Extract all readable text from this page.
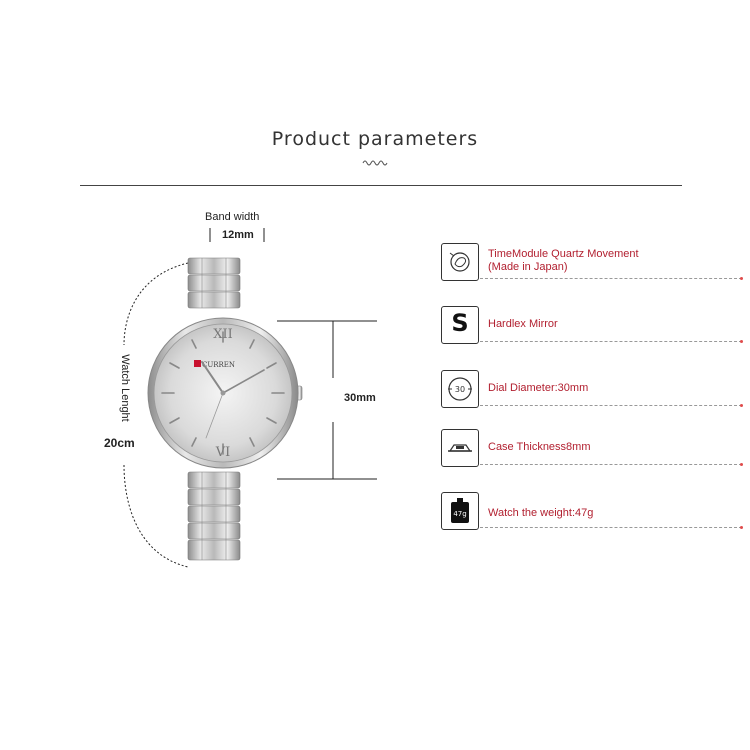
Product parameters
Band width
12mm
Watch Lenght
20cm
XII
VI
CURREN
30mm
TimeModule Quartz Movement
(Made in Japan)
S	Hardlex Mirror
30 Dial Diameter:30mm
Case Thickness8mm
47g Watch the weight:47g
